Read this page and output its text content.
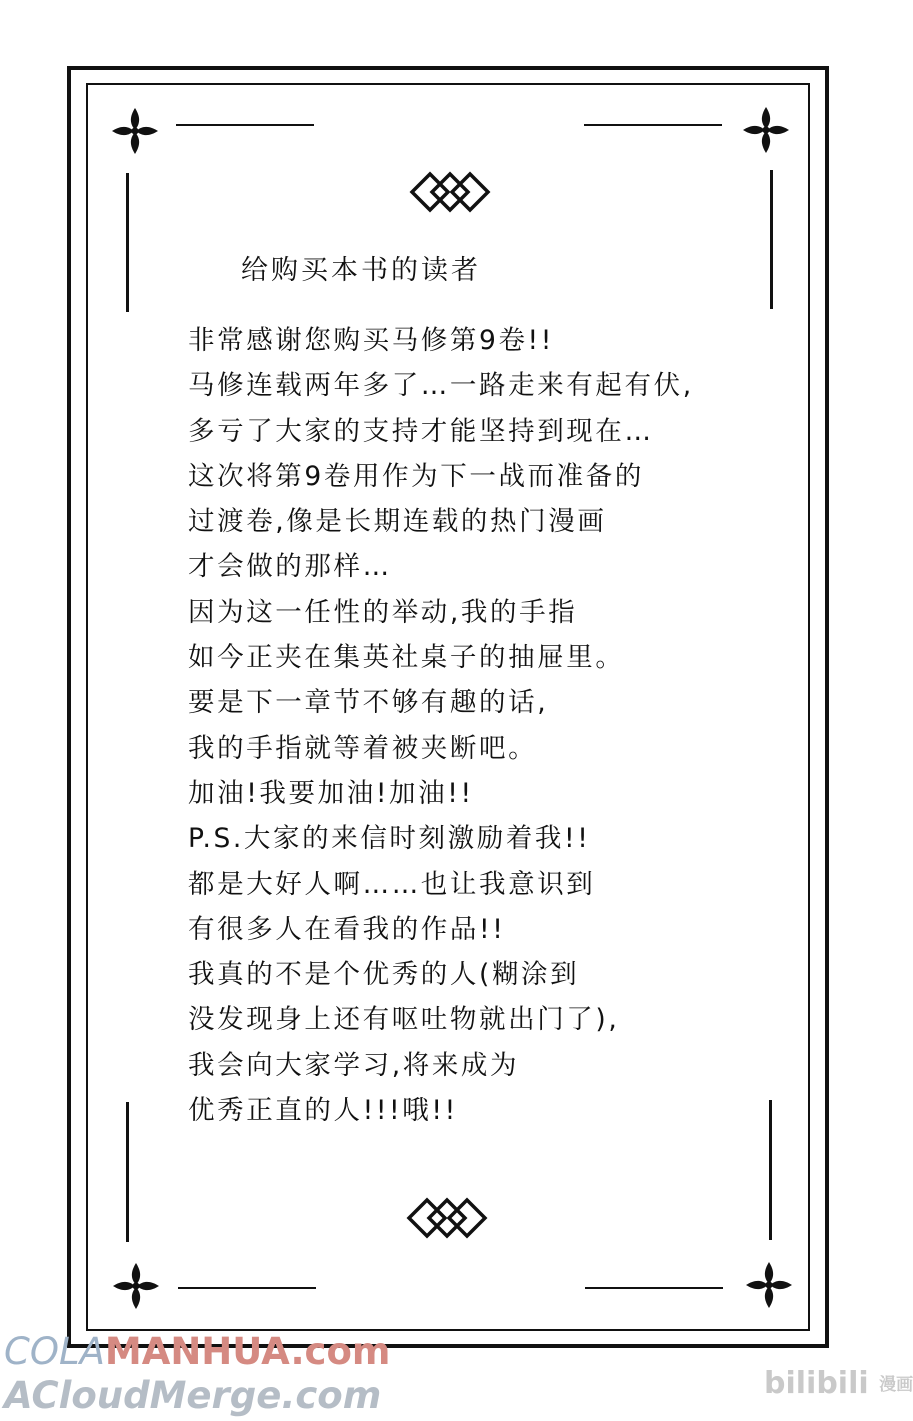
给购买本书的读者
非常感谢您购买马修第9卷!!
马修连载两年多了…一路走来有起有伏,
多亏了大家的支持才能坚持到现在…
这次将第9卷用作为下一战而准备的
过渡卷,像是长期连载的热门漫画
才会做的那样…
因为这一任性的举动,我的手指
如今正夹在集英社桌子的抽屉里。
要是下一章节不够有趣的话,
我的手指就等着被夹断吧。
加油!我要加油!加油!!
P.S.大家的来信时刻激励着我!!
都是大好人啊……也让我意识到
有很多人在看我的作品!!
我真的不是个优秀的人(糊涂到
没发现身上还有呕吐物就出门了),
我会向大家学习,将来成为
优秀正直的人!!!哦!!
COLAMANHUA.com
ACloudMerge.com	bilibili 漫画
